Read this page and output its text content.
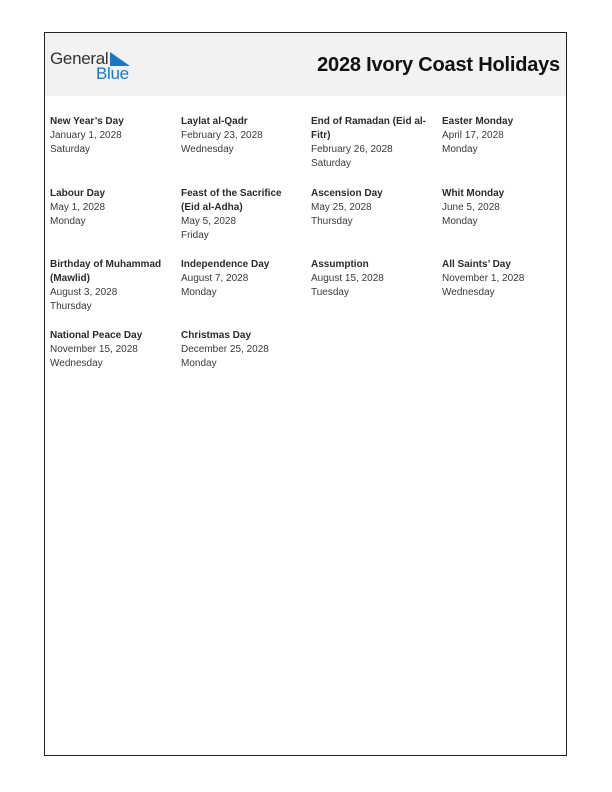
General
Blue	2028 Ivory Coast Holidays
New Year’s Day
January 1, 2028
Saturday
Laylat al-Qadr
February 23, 2028
Wednesday
End of Ramadan (Eid al-Fitr)
February 26, 2028
Saturday
Easter Monday
April 17, 2028
Monday
Labour Day
May 1, 2028
Monday
Feast of the Sacrifice (Eid al-Adha)
May 5, 2028
Friday
Ascension Day
May 25, 2028
Thursday
Whit Monday
June 5, 2028
Monday
Birthday of Muhammad (Mawlid)
August 3, 2028
Thursday
Independence Day
August 7, 2028
Monday
Assumption
August 15, 2028
Tuesday
All Saints’ Day
November 1, 2028
Wednesday
National Peace Day
November 15, 2028
Wednesday
Christmas Day
December 25, 2028
Monday
